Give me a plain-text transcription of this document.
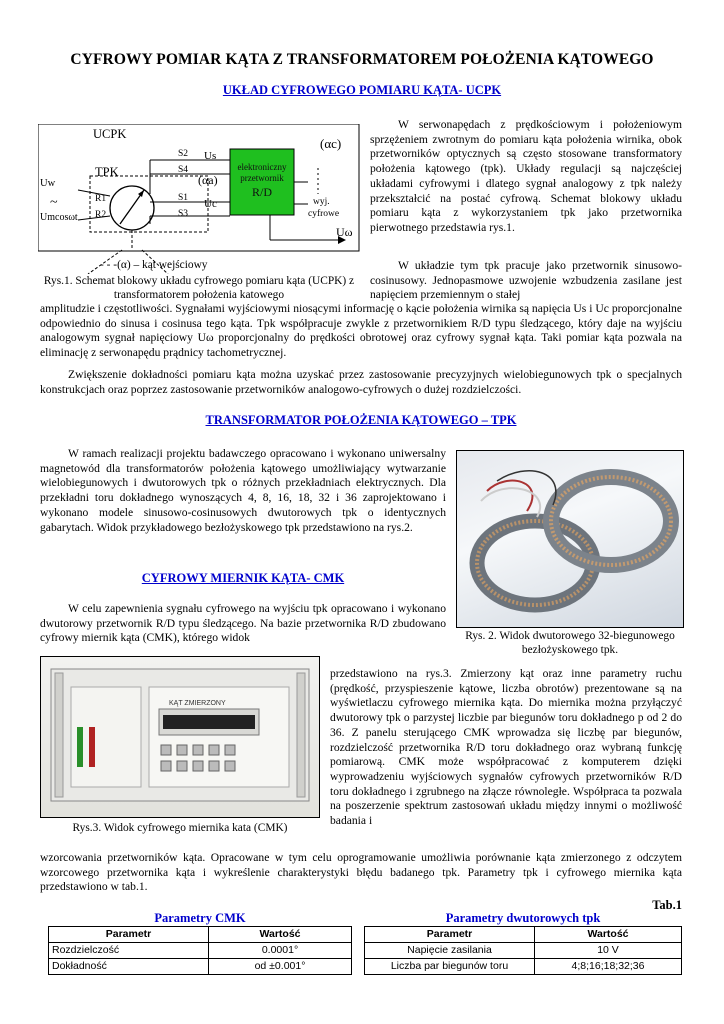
CYFROWY POMIAR KĄTA Z TRANSFORMATOREM POŁOŻENIA KĄTOWEGO
UKŁAD CYFROWEGO POMIARU KĄTA- UCPK
UCPK
TPK
Uw
~
Umcosωt
R1
R2
S2
S4
S1
S3
Us
Uc
(αa)
(αc)
elektroniczny
przetwornik
R/D
wyj.
cyfrowe
Uω
- - -(α) – kąt wejściowy
Rys.1. Schemat blokowy układu cyfrowego pomiaru kąta (UCPK) z transformatorem położenia katowego
W serwonapędach z prędkościowym i położeniowym sprzężeniem zwrotnym do pomiaru kąta położenia wirnika, obok przetworników optycznych są często stosowane transformatory położenia kątowego (tpk). Układy regulacji są najczęściej układami cyfrowymi i dlatego sygnał analogowy z tpk należy przekształcić na postać cyfrową. Schemat blokowy układu pomiaru kąta z wykorzystaniem tpk jako przetwornika pierwotnego przedstawia rys.1.
W układzie tym tpk pracuje jako przetwornik sinusowo-cosinusowy. Jednopasmowe uzwojenie wzbudzenia zasilane jest napięciem przemiennym o stałej
amplitudzie i częstotliwości. Sygnałami wyjściowymi niosącymi informację o kącie położenia wirnika są napięcia Us i Uc proporcjonalne odpowiednio do sinusa i cosinusa tego kąta. Tpk współpracuje zwykle z przetwornikiem R/D typu śledzącego, który daje na wyjściu analogowym sygnał napięciowy Uω proporcjonalny do prędkości obrotowej oraz cyfrowy sygnał kąta. Taki pomiar kąta pozwala na eliminację z serwonapędu prądnicy tachometrycznej.
Zwiększenie dokładności pomiaru kąta można uzyskać przez zastosowanie precyzyjnych wielobiegunowych tpk o specjalnych konstrukcjach oraz poprzez zastosowanie przetworników analogowo-cyfrowych o dużej rozdzielczości.
TRANSFORMATOR POŁOŻENIA KĄTOWEGO – TPK
W ramach realizacji projektu badawczego opracowano i wykonano uniwersalny magnetowód dla transformatorów położenia kątowego umożliwiający wytwarzanie wielobiegunowych i dwutorowych tpk o różnych przekładniach elektrycznych. Dla przekładni toru dokładnego wynoszących 4, 8, 16, 18, 32 i 36 zaprojektowano i wykonano modele sinusowo-cosinusowych dwutorowych tpk o identycznych gabarytach. Widok przykładowego bezłożyskowego tpk przedstawiono na rys.2.
Rys. 2. Widok dwutorowego 32-biegunowego bezłożyskowego tpk.
CYFROWY MIERNIK KĄTA- CMK
W celu zapewnienia sygnału cyfrowego na wyjściu tpk opracowano i wykonano dwutorowy przetwornik R/D typu śledzącego. Na bazie przetwornika R/D zbudowano cyfrowy miernik kąta (CMK), którego widok
KĄT ZMIERZONY
Rys.3. Widok cyfrowego miernika kata (CMK)
przedstawiono na rys.3. Zmierzony kąt oraz inne parametry ruchu (prędkość, przyspieszenie kątowe, liczba obrotów) prezentowane są na wyświetlaczu cyfrowego miernika kąta. Do miernika można przyłączyć dwutorowy tpk o parzystej liczbie par biegunów toru dokładnego p od 2 do 36. Z panelu sterującego CMK wprowadza się liczbę par biegunów, rozdzielczość przetwornika R/D toru dokładnego oraz wybraną funkcję pomiarową. CMK może współpracować z komputerem dzięki wyprowadzeniu wyjściowych sygnałów cyfrowych przetworników R/D toru dokładnego i zgrubnego na złącze równoległe. Współpraca ta pozwala na poszerzenie spektrum zastosowań układu między innymi o możliwość badania i
wzorcowania przetworników kąta. Opracowane w tym celu oprogramowanie umożliwia porównanie kąta zmierzonego z odczytem wzorcowego przetwornika kąta i wykreślenie charakterystyki błędu badanego tpk. Parametry tpk i cyfrowego miernika kąta przedstawiono w tab.1.
Tab.1
Parametry CMK
Parametr	Wartość
Rozdzielczość	0.0001°
Dokładność	od ±0.001°
Parametry dwutorowych tpk
Parametr	Wartość
Napięcie zasilania	10 V
Liczba par biegunów toru	4;8;16;18;32;36
